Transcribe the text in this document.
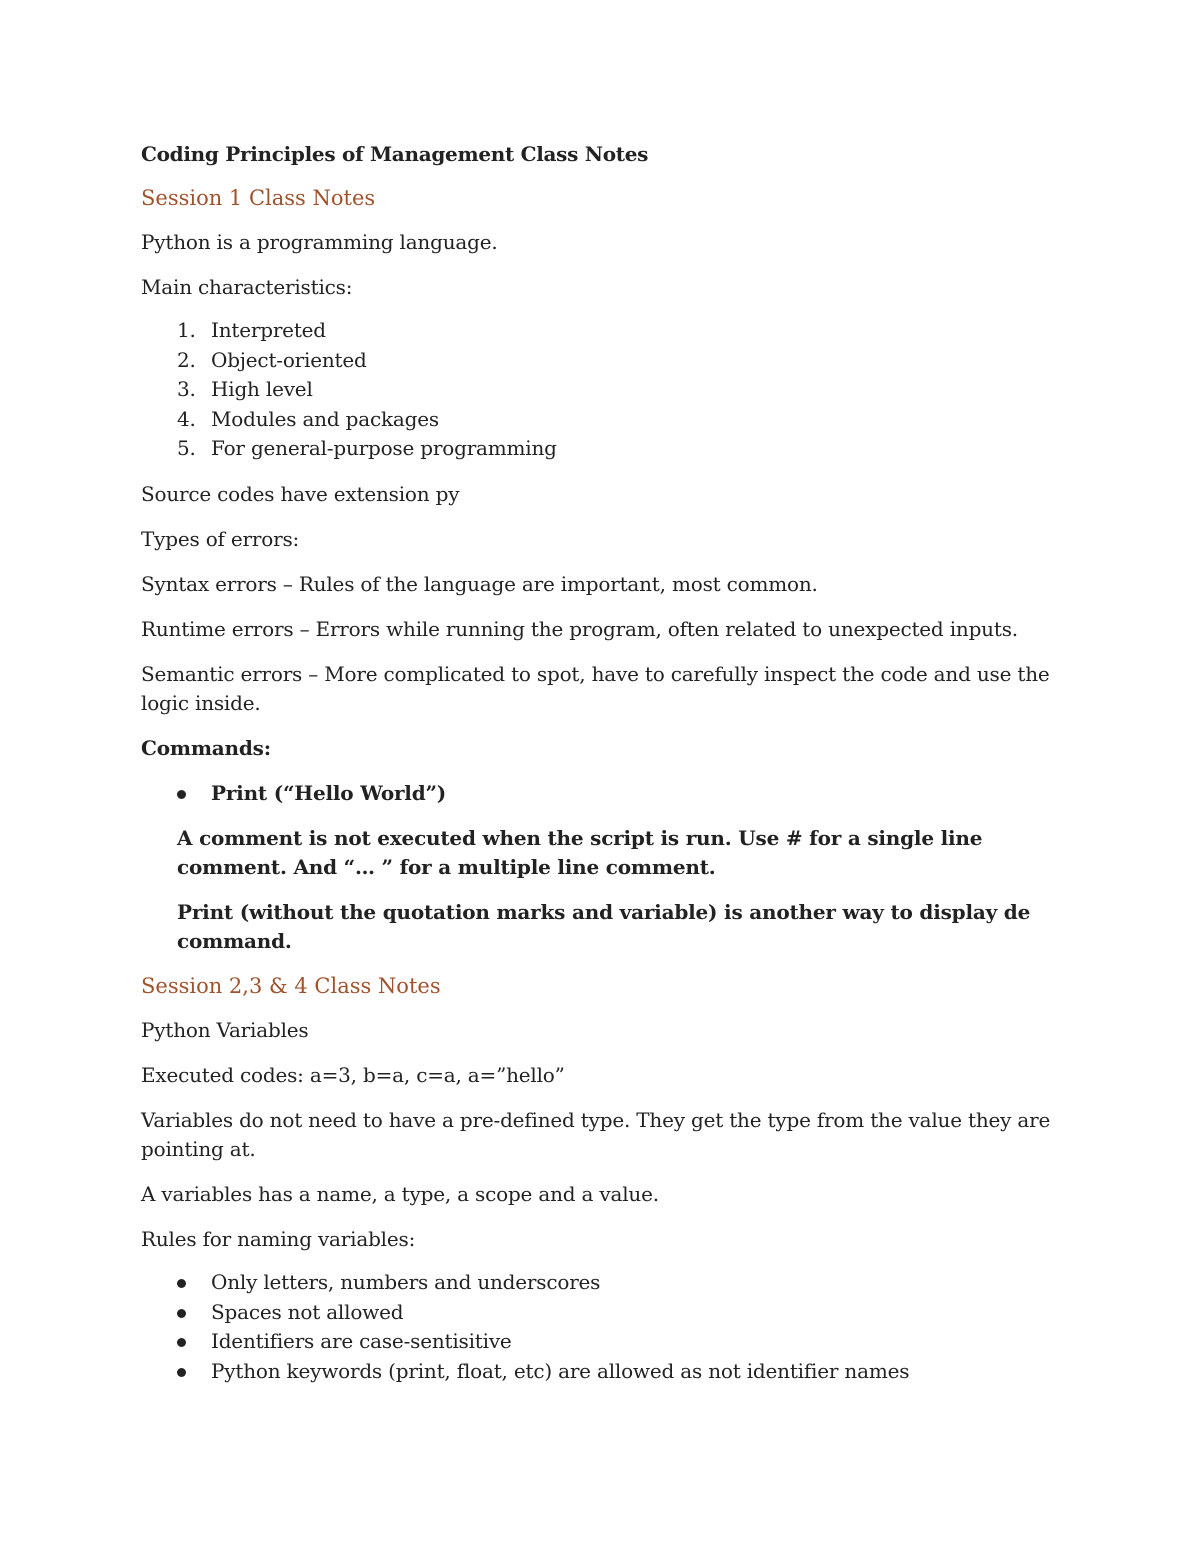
Coding Principles of Management Class Notes
Session 1 Class Notes
Python is a programming language.
Main characteristics:
1. Interpreted
2. Object-oriented
3. High level
4. Modules and packages
5. For general-purpose programming
Source codes have extension py
Types of errors:
Syntax errors – Rules of the language are important, most common.
Runtime errors – Errors while running the program, often related to unexpected inputs.
Semantic errors – More complicated to spot, have to carefully inspect the code and use the logic inside.
Commands:
Print (“Hello World”)
A comment is not executed when the script is run. Use # for a single line comment. And “… ” for a multiple line comment.
Print (without the quotation marks and variable) is another way to display de command.
Session 2,3 & 4 Class Notes
Python Variables
Executed codes: a=3, b=a, c=a, a=”hello”
Variables do not need to have a pre-defined type. They get the type from the value they are pointing at.
A variables has a name, a type, a scope and a value.
Rules for naming variables:
Only letters, numbers and underscores
Spaces not allowed
Identifiers are case-sentisitive
Python keywords (print, float, etc) are allowed as not identifier names
